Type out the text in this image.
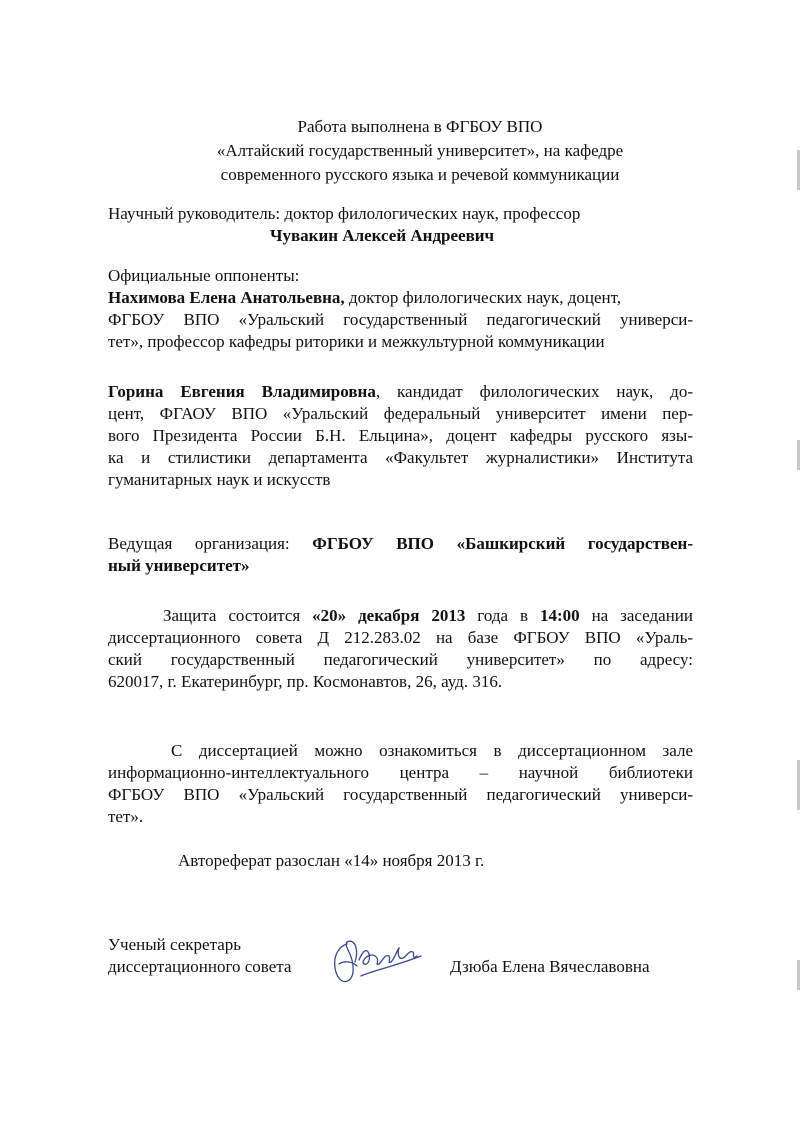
Работа выполнена в ФГБОУ ВПО
«Алтайский государственный университет», на кафедре
современного русского языка и речевой коммуникации
Научный руководитель: доктор филологических наук, профессор
Чувакин Алексей Андреевич
Официальные оппоненты:
Нахимова Елена Анатольевна, доктор филологических наук, доцент,
ФГБОУ ВПО «Уральский государственный педагогический универси-
тет», профессор кафедры риторики и межкультурной коммуникации
Горина Евгения Владимировна, кандидат филологических наук, до-
цент, ФГАОУ ВПО «Уральский федеральный университет имени пер-
вого Президента России Б.Н. Ельцина», доцент кафедры русского язы-
ка и стилистики департамента «Факультет журналистики» Института
гуманитарных наук и искусств
Ведущая организация: ФГБОУ ВПО «Башкирский государствен-
ный университет»
Защита состоится «20» декабря 2013 года в 14:00 на заседании
диссертационного совета Д 212.283.02 на базе ФГБОУ ВПО «Ураль-
ский государственный педагогический университет» по адресу:
620017, г. Екатеринбург, пр. Космонавтов, 26, ауд. 316.
С диссертацией можно ознакомиться в диссертационном зале
информационно-интеллектуального центра – научной библиотеки
ФГБОУ ВПО «Уральский государственный педагогический универси-
тет».
Автореферат разослан «14» ноября 2013 г.
Ученый секретарь
диссертационного совета	Дзюба Елена Вячеславовна
